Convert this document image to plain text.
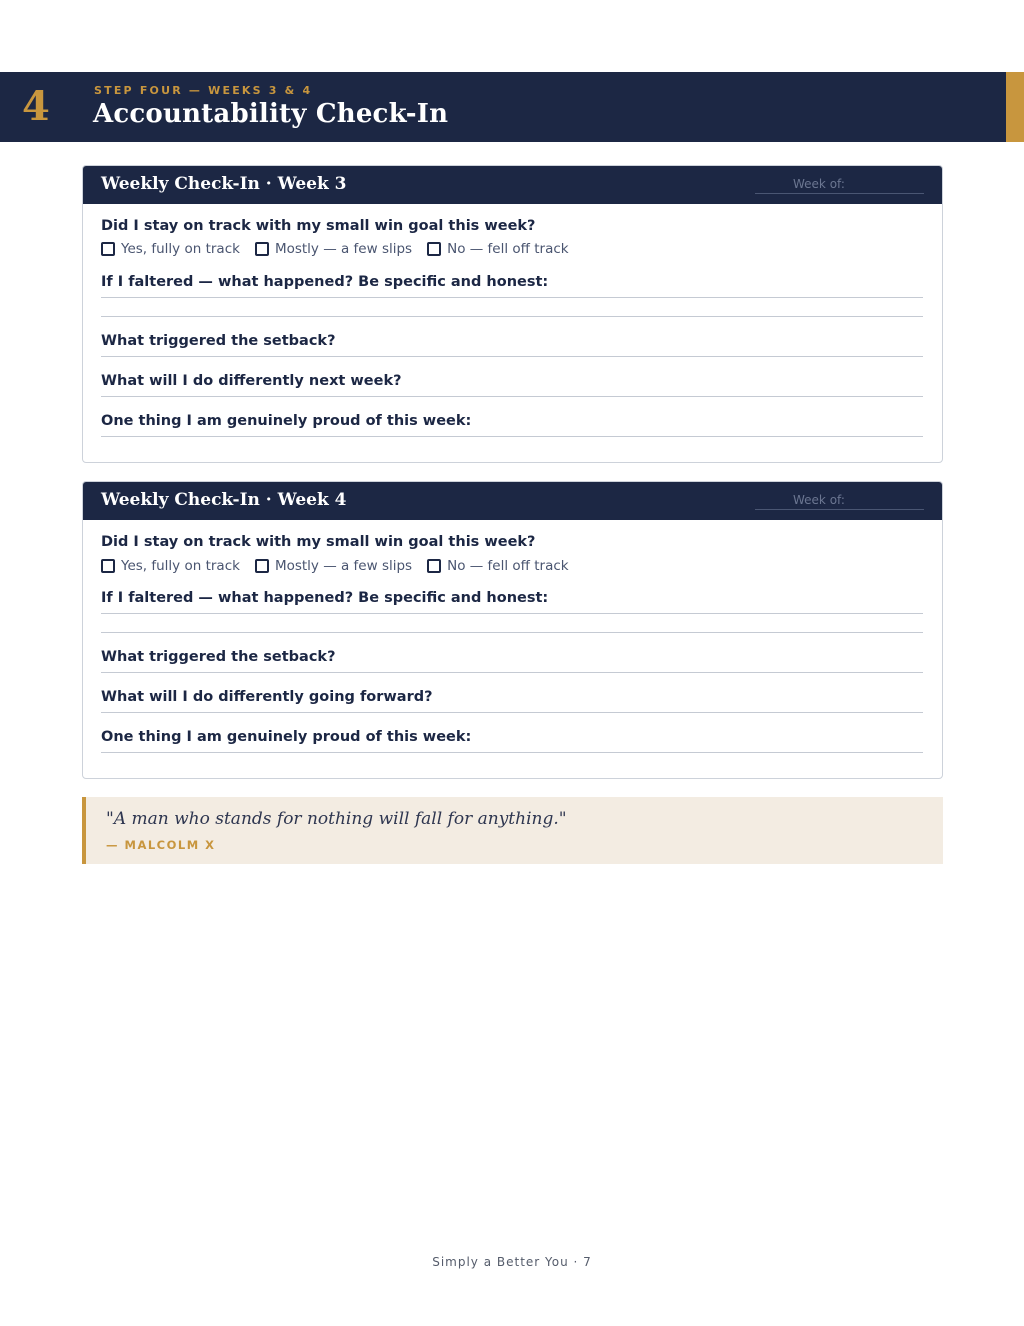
4	STEP FOUR — WEEKS 3 & 4
Accountability Check-In
Weekly Check-In · Week 3	Week of:
Did I stay on track with my small win goal this week?
Yes, fully on track	Mostly — a few slips	No — fell off track
If I faltered — what happened? Be specific and honest:
What triggered the setback?
What will I do differently next week?
One thing I am genuinely proud of this week:
Weekly Check-In · Week 4	Week of:
Did I stay on track with my small win goal this week?
Yes, fully on track	Mostly — a few slips	No — fell off track
If I faltered — what happened? Be specific and honest:
What triggered the setback?
What will I do differently going forward?
One thing I am genuinely proud of this week:
"A man who stands for nothing will fall for anything."
— MALCOLM X
Simply a Better You · 7
